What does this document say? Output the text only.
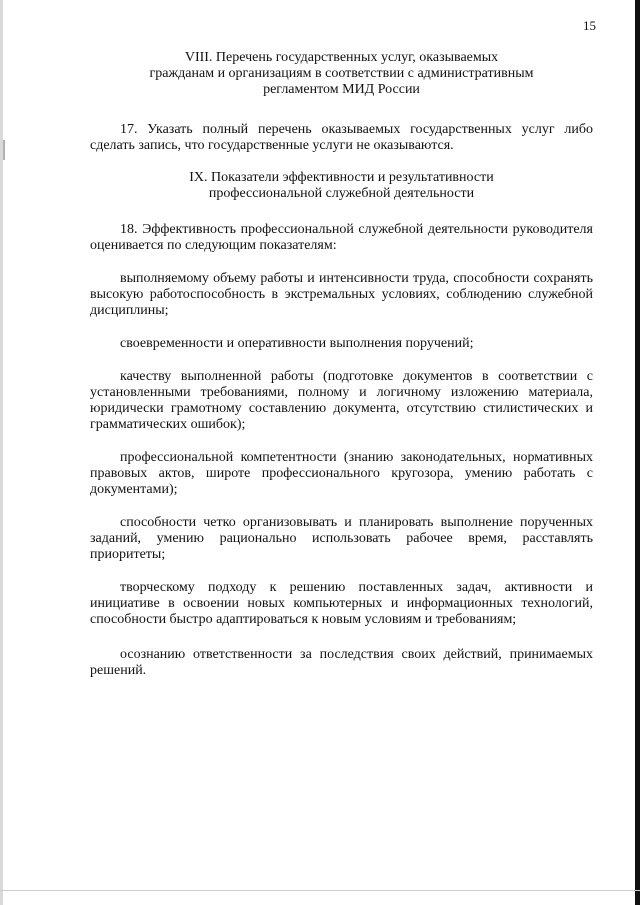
15
VIII. Перечень государственных услуг, оказываемых
гражданам и организациям в соответствии с административным
регламентом МИД России

17. Указать полный перечень оказываемых государственных услуг либо сделать запись, что государственные услуги не оказываются.

IX. Показатели эффективности и результативности
профессиональной служебной деятельности

18. Эффективность профессиональной служебной деятельности руководителя оценивается по следующим показателям:

выполняемому объему работы и интенсивности труда, способности сохранять высокую работоспособность в экстремальных условиях, соблюдению служебной дисциплины;

своевременности и оперативности выполнения поручений;

качеству выполненной работы (подготовке документов в соответствии с установленными требованиями, полному и логичному изложению материала, юридически грамотному составлению документа, отсутствию стилистических и грамматических ошибок);

профессиональной компетентности (знанию законодательных, нормативных правовых актов, широте профессионального кругозора, умению работать с документами);

способности четко организовывать и планировать выполнение порученных заданий, умению рационально использовать рабочее время, расставлять приоритеты;

творческому подходу к решению поставленных задач, активности и инициативе в освоении новых компьютерных и информационных технологий, способности быстро адаптироваться к новым условиям и требованиям;

осознанию ответственности за последствия своих действий, принимаемых решений.
